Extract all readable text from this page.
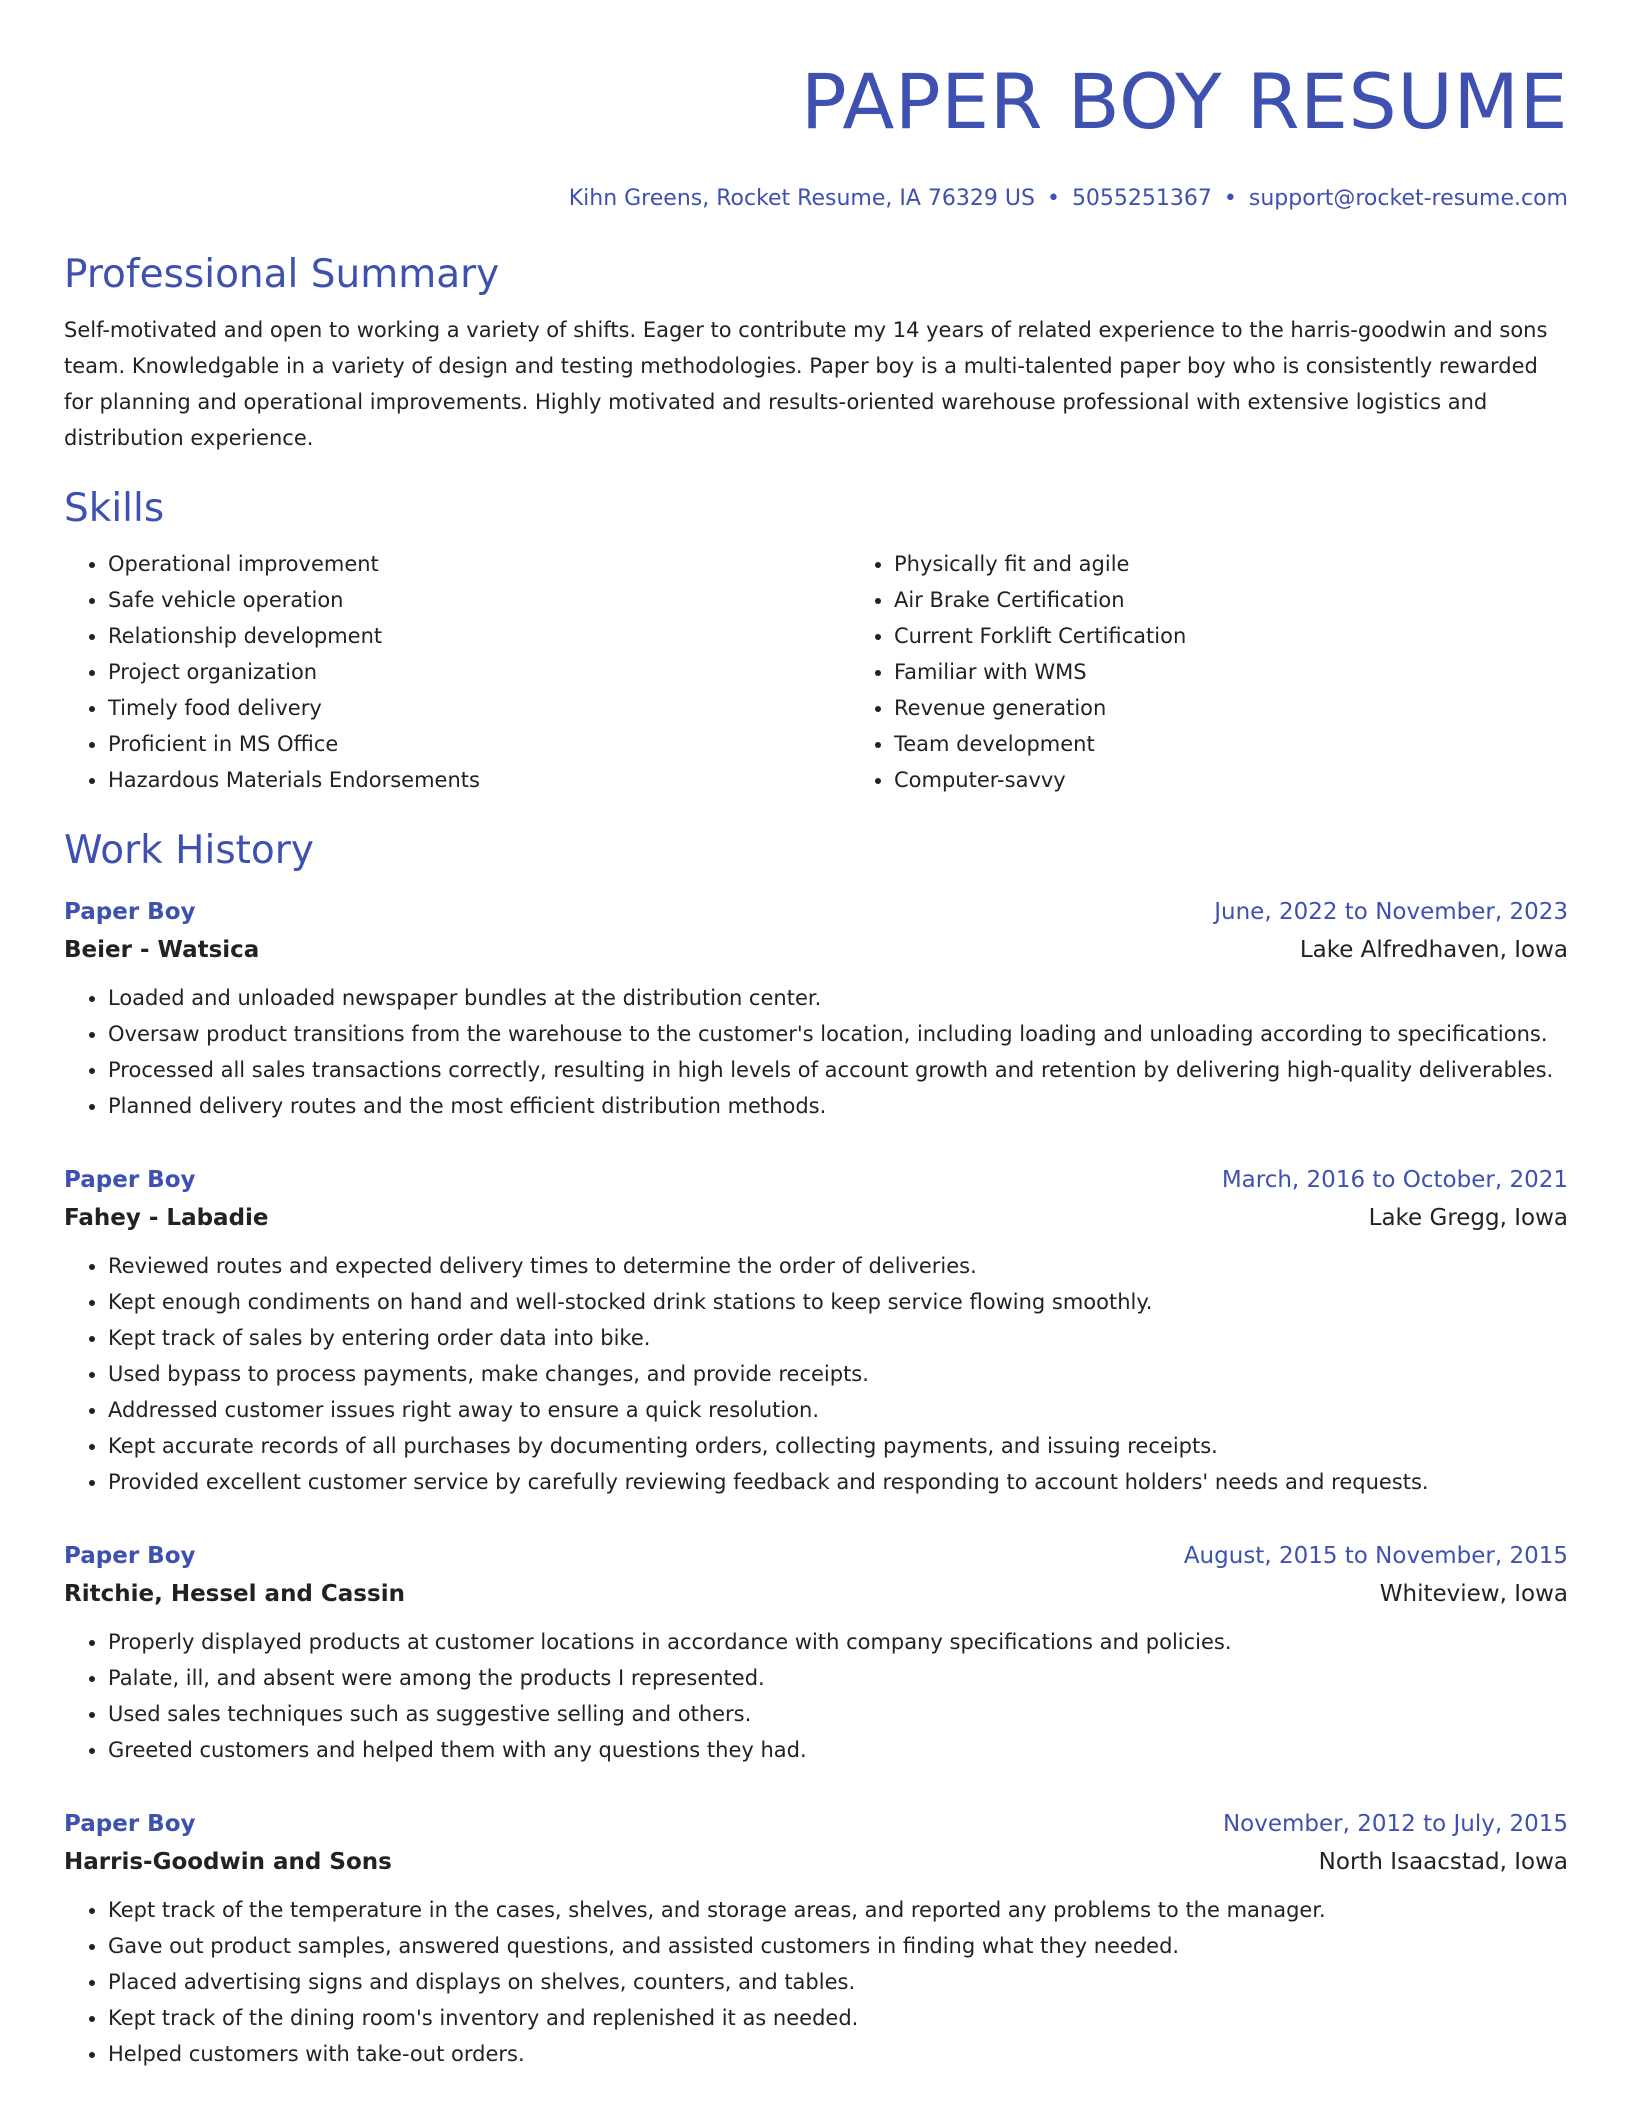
PAPER BOY RESUME
Kihn Greens, Rocket Resume, IA 76329 US • 5055251367 • support@rocket-resume.com
Professional Summary

Self-motivated and open to working a variety of shifts. Eager to contribute my 14 years of related experience to the harris-goodwin and sons team. Knowledgable in a variety of design and testing methodologies. Paper boy is a multi-talented paper boy who is consistently rewarded for planning and operational improvements. Highly motivated and results-oriented warehouse professional with extensive logistics and distribution experience.

Skills
• Operational improvement
• Safe vehicle operation
• Relationship development
• Project organization
• Timely food delivery
• Proficient in MS Office
• Hazardous Materials Endorsements
• Physically fit and agile
• Air Brake Certification
• Current Forklift Certification
• Familiar with WMS
• Revenue generation
• Team development
• Computer-savvy
Work History
Paper Boy	June, 2022 to November, 2023
Beier - Watsica	Lake Alfredhaven, Iowa
• Loaded and unloaded newspaper bundles at the distribution center.
• Oversaw product transitions from the warehouse to the customer's location, including loading and unloading according to specifications.
• Processed all sales transactions correctly, resulting in high levels of account growth and retention by delivering high-quality deliverables.
• Planned delivery routes and the most efficient distribution methods.
Paper Boy	March, 2016 to October, 2021
Fahey - Labadie	Lake Gregg, Iowa
• Reviewed routes and expected delivery times to determine the order of deliveries.
• Kept enough condiments on hand and well-stocked drink stations to keep service flowing smoothly.
• Kept track of sales by entering order data into bike.
• Used bypass to process payments, make changes, and provide receipts.
• Addressed customer issues right away to ensure a quick resolution.
• Kept accurate records of all purchases by documenting orders, collecting payments, and issuing receipts.
• Provided excellent customer service by carefully reviewing feedback and responding to account holders' needs and requests.
Paper Boy	August, 2015 to November, 2015
Ritchie, Hessel and Cassin	Whiteview, Iowa
• Properly displayed products at customer locations in accordance with company specifications and policies.
• Palate, ill, and absent were among the products I represented.
• Used sales techniques such as suggestive selling and others.
• Greeted customers and helped them with any questions they had.
Paper Boy	November, 2012 to July, 2015
Harris-Goodwin and Sons	North Isaacstad, Iowa
• Kept track of the temperature in the cases, shelves, and storage areas, and reported any problems to the manager.
• Gave out product samples, answered questions, and assisted customers in finding what they needed.
• Placed advertising signs and displays on shelves, counters, and tables.
• Kept track of the dining room's inventory and replenished it as needed.
• Helped customers with take-out orders.
